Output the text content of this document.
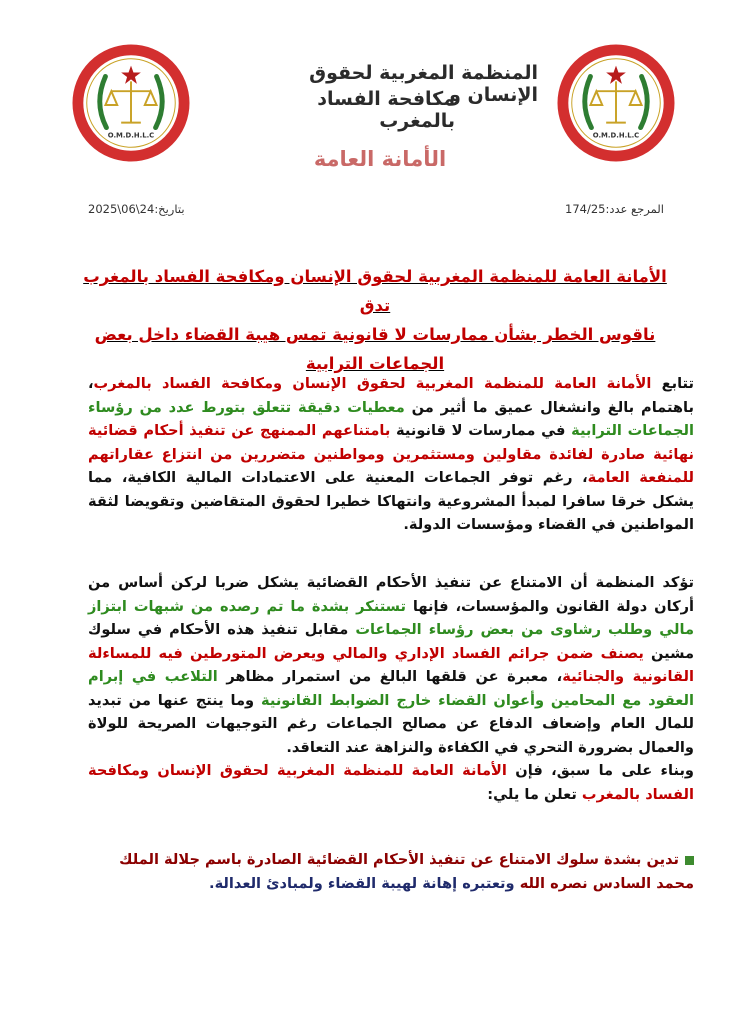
O.M.D.H.L.C	O.M.D.H.L.C
المنظمة المغربية لحقوق الإنسان و
مكافحة الفساد بالمغرب
الأمانة العامة
بتاريخ:24\06\2025	المرجع عدد:174/25
الأمانة العامة للمنظمة المغربية لحقوق الإنسان ومكافحة الفساد بالمغرب تدق
ناقوس الخطر بشأن ممارسات لا قانونية تمس هيبة القضاء داخل بعض
الجماعات الترابية
تتابع الأمانة العامة للمنظمة المغربية لحقوق الإنسان ومكافحة الفساد بالمغرب، باهتمام بالغ وانشغال عميق ما أثير من معطيات دقيقة تتعلق بتورط عدد من رؤساء الجماعات الترابية في ممارسات لا قانونية بامتناعهم الممنهج عن تنفيذ أحكام قضائية نهائية صادرة لفائدة مقاولين ومستثمرين ومواطنين متضررين من انتزاع عقاراتهم للمنفعة العامة، رغم توفر الجماعات المعنية على الاعتمادات المالية الكافية، مما يشكل خرقا سافرا لمبدأ المشروعية وانتهاكا خطيرا لحقوق المتقاضين وتقويضا لثقة المواطنين في القضاء ومؤسسات الدولة.
تؤكد المنظمة أن الامتناع عن تنفيذ الأحكام القضائية يشكل ضربا لركن أساس من أركان دولة القانون والمؤسسات، فإنها تستنكر بشدة ما تم رصده من شبهات ابتزاز مالي وطلب رشاوى من بعض رؤساء الجماعات مقابل تنفيذ هذه الأحكام في سلوك مشين يصنف ضمن جرائم الفساد الإداري والمالي ويعرض المتورطين فيه للمساءلة القانونية والجنائية، معبرة عن قلقها البالغ من استمرار مظاهر التلاعب في إبرام العقود مع المحامين وأعوان القضاء خارج الضوابط القانونية وما ينتج عنها من تبديد للمال العام وإضعاف الدفاع عن مصالح الجماعات رغم التوجيهات الصريحة للولاة والعمال بضرورة التحري في الكفاءة والنزاهة عند التعاقد.
وبناء على ما سبق، فإن الأمانة العامة للمنظمة المغربية لحقوق الإنسان ومكافحة الفساد بالمغرب تعلن ما يلي:
تدين بشدة سلوك الامتناع عن تنفيذ الأحكام القضائية الصادرة باسم جلالة الملك محمد السادس نصره الله وتعتبره إهانة لهيبة القضاء ولمبادئ العدالة.
